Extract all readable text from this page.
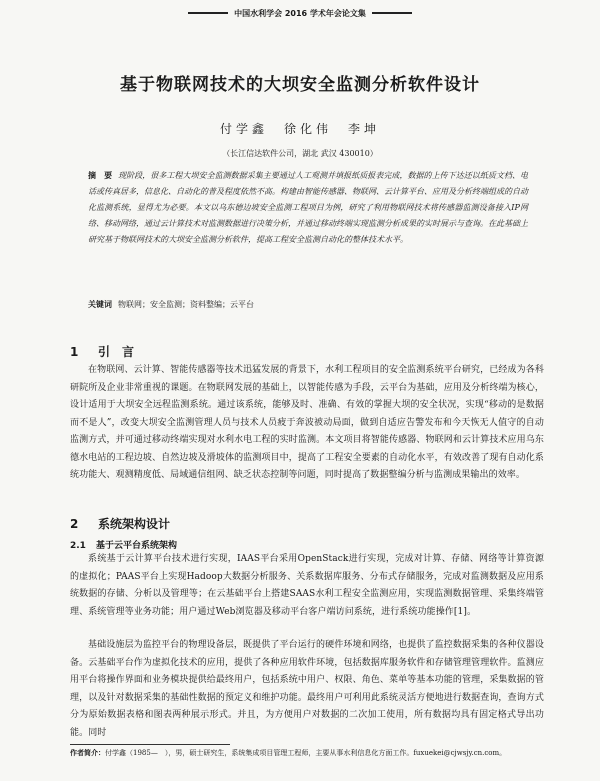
中国水利学会 2016 学术年会论文集
基于物联网技术的大坝安全监测分析软件设计
付学鑫　徐化伟　李坤
（长江信达软件公司，湖北 武汉 430010）
摘　要 现阶段，很多工程大坝安全监测数据采集主要通过人工观测并填报纸质报表完成，数据的上传下达还以纸质文档、电话或传真居多，信息化、自动化的普及程度依然不高。构建由智能传感器、物联网、云计算平台、应用及分析终端组成的自动化监测系统，显得尤为必要。本文以乌东德边坡安全监测工程项目为例，研究了利用物联网技术将传感器监测设备接入IP网络、移动网络，通过云计算技术对监测数据进行决策分析，并通过移动终端实现监测分析成果的实时展示与查询。在此基础上研究基于物联网技术的大坝安全监测分析软件，提高工程安全监测自动化的整体技术水平。
关键词 物联网；安全监测；资料整编；云平台
1 引　言
在物联网、云计算、智能传感器等技术迅猛发展的背景下，水利工程项目的安全监测系统平台研究，已经成为各科研院所及企业非常重视的课题。在物联网发展的基础上，以智能传感为手段，云平台为基础，应用及分析终端为核心，设计适用于大坝安全远程监测系统。通过该系统，能够及时、准确、有效的掌握大坝的安全状况，实现“移动的是数据而不是人”，改变大坝安全监测管理人员与技术人员疲于奔波被动局面，做到自适应告警发布和今天恢无人值守的自动监测方式，并可通过移动终端实现对水利水电工程的实时监测。本文项目将智能传感器、物联网和云计算技术应用乌东德水电站的工程边坡、自然边坡及滑坡体的监测项目中，提高了工程安全要素的自动化水平，有效改善了现有自动化系统功能大、观测精度低、局域通信组网、缺乏状态控制等问题，同时提高了数据整编分析与监测成果输出的效率。
2 系统架构设计
2.1 基于云平台系统架构
系统基于云计算平台技术进行实现，IAAS平台采用OpenStack进行实现，完成对计算、存储、网络等计算资源的虚拟化；PAAS平台上实现Hadoop大数据分析服务、关系数据库服务、分布式存储服务，完成对监测数据及应用系统数据的存储、分析以及管理等；在云基础平台上搭建SAAS水利工程安全监测应用，实现监测数据管理、采集终端管理、系统管理等业务功能；用户通过Web浏览器及移动平台客户端访问系统，进行系统功能操作[1]。
基础设施层为监控平台的物理设备层，既提供了平台运行的硬件环境和网络，也提供了监控数据采集的各种仪器设备。云基础平台作为虚拟化技术的应用，提供了各种应用软件环境，包括数据库服务软件和存储管理管理软件。监测应用平台将操作界面和业务模块提供给最终用户，包括系统中用户、权限、角色、菜单等基本功能的管理，采集数据的管理，以及针对数据采集的基础性数据的预定义和维护功能。最终用户可利用此系统灵活方便地进行数据查询，查询方式分为原始数据表格和图表两种展示形式。并且，为方便用户对数据的二次加工使用，所有数据均具有固定格式导出功能。同时
作者简介：付学鑫（1985—　），男，硕士研究生，系统集成项目管理工程师，主要从事水利信息化方面工作。fuxuekei@cjwsjy.cn.com。
